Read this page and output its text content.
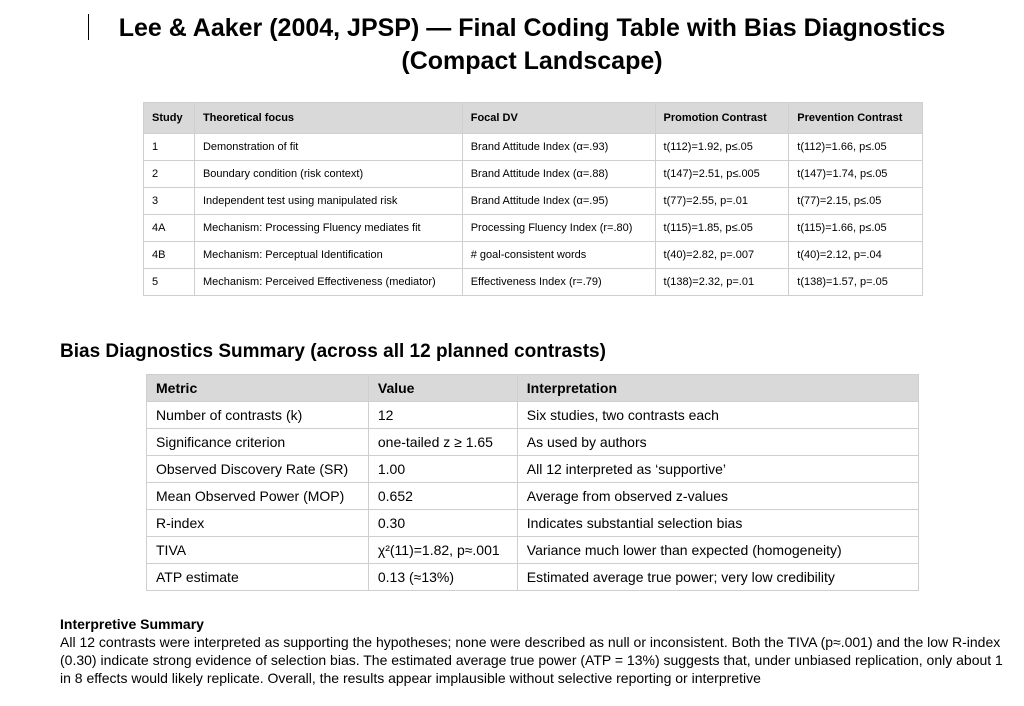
Lee & Aaker (2004, JPSP) — Final Coding Table with Bias Diagnostics (Compact Landscape)
Study	Theoretical focus	Focal DV	Promotion Contrast	Prevention Contrast
1	Demonstration of fit	Brand Attitude Index (α=.93)	t(112)=1.92, p≤.05	t(112)=1.66, p≤.05
2	Boundary condition (risk context)	Brand Attitude Index (α=.88)	t(147)=2.51, p≤.005	t(147)=1.74, p≤.05
3	Independent test using manipulated risk	Brand Attitude Index (α=.95)	t(77)=2.55, p=.01	t(77)=2.15, p≤.05
4A	Mechanism: Processing Fluency mediates fit	Processing Fluency Index (r=.80)	t(115)=1.85, p≤.05	t(115)=1.66, p≤.05
4B	Mechanism: Perceptual Identification	# goal-consistent words	t(40)=2.82, p=.007	t(40)=2.12, p=.04
5	Mechanism: Perceived Effectiveness (mediator)	Effectiveness Index (r=.79)	t(138)=2.32, p=.01	t(138)=1.57, p=.05
Bias Diagnostics Summary (across all 12 planned contrasts)
Metric	Value	Interpretation
Number of contrasts (k)	12	Six studies, two contrasts each
Significance criterion	one-tailed z ≥ 1.65	As used by authors
Observed Discovery Rate (SR)	1.00	All 12 interpreted as ‘supportive’
Mean Observed Power (MOP)	0.652	Average from observed z-values
R-index	0.30	Indicates substantial selection bias
TIVA	χ²(11)=1.82, p≈.001	Variance much lower than expected (homogeneity)
ATP estimate	0.13 (≈13%)	Estimated average true power; very low credibility
Interpretive Summary
All 12 contrasts were interpreted as supporting the hypotheses; none were described as null or inconsistent. Both the TIVA (p≈.001) and the low R-index (0.30) indicate strong evidence of selection bias. The estimated average true power (ATP = 13%) suggests that, under unbiased replication, only about 1 in 8 effects would likely replicate. Overall, the results appear implausible without selective reporting or interpretive
